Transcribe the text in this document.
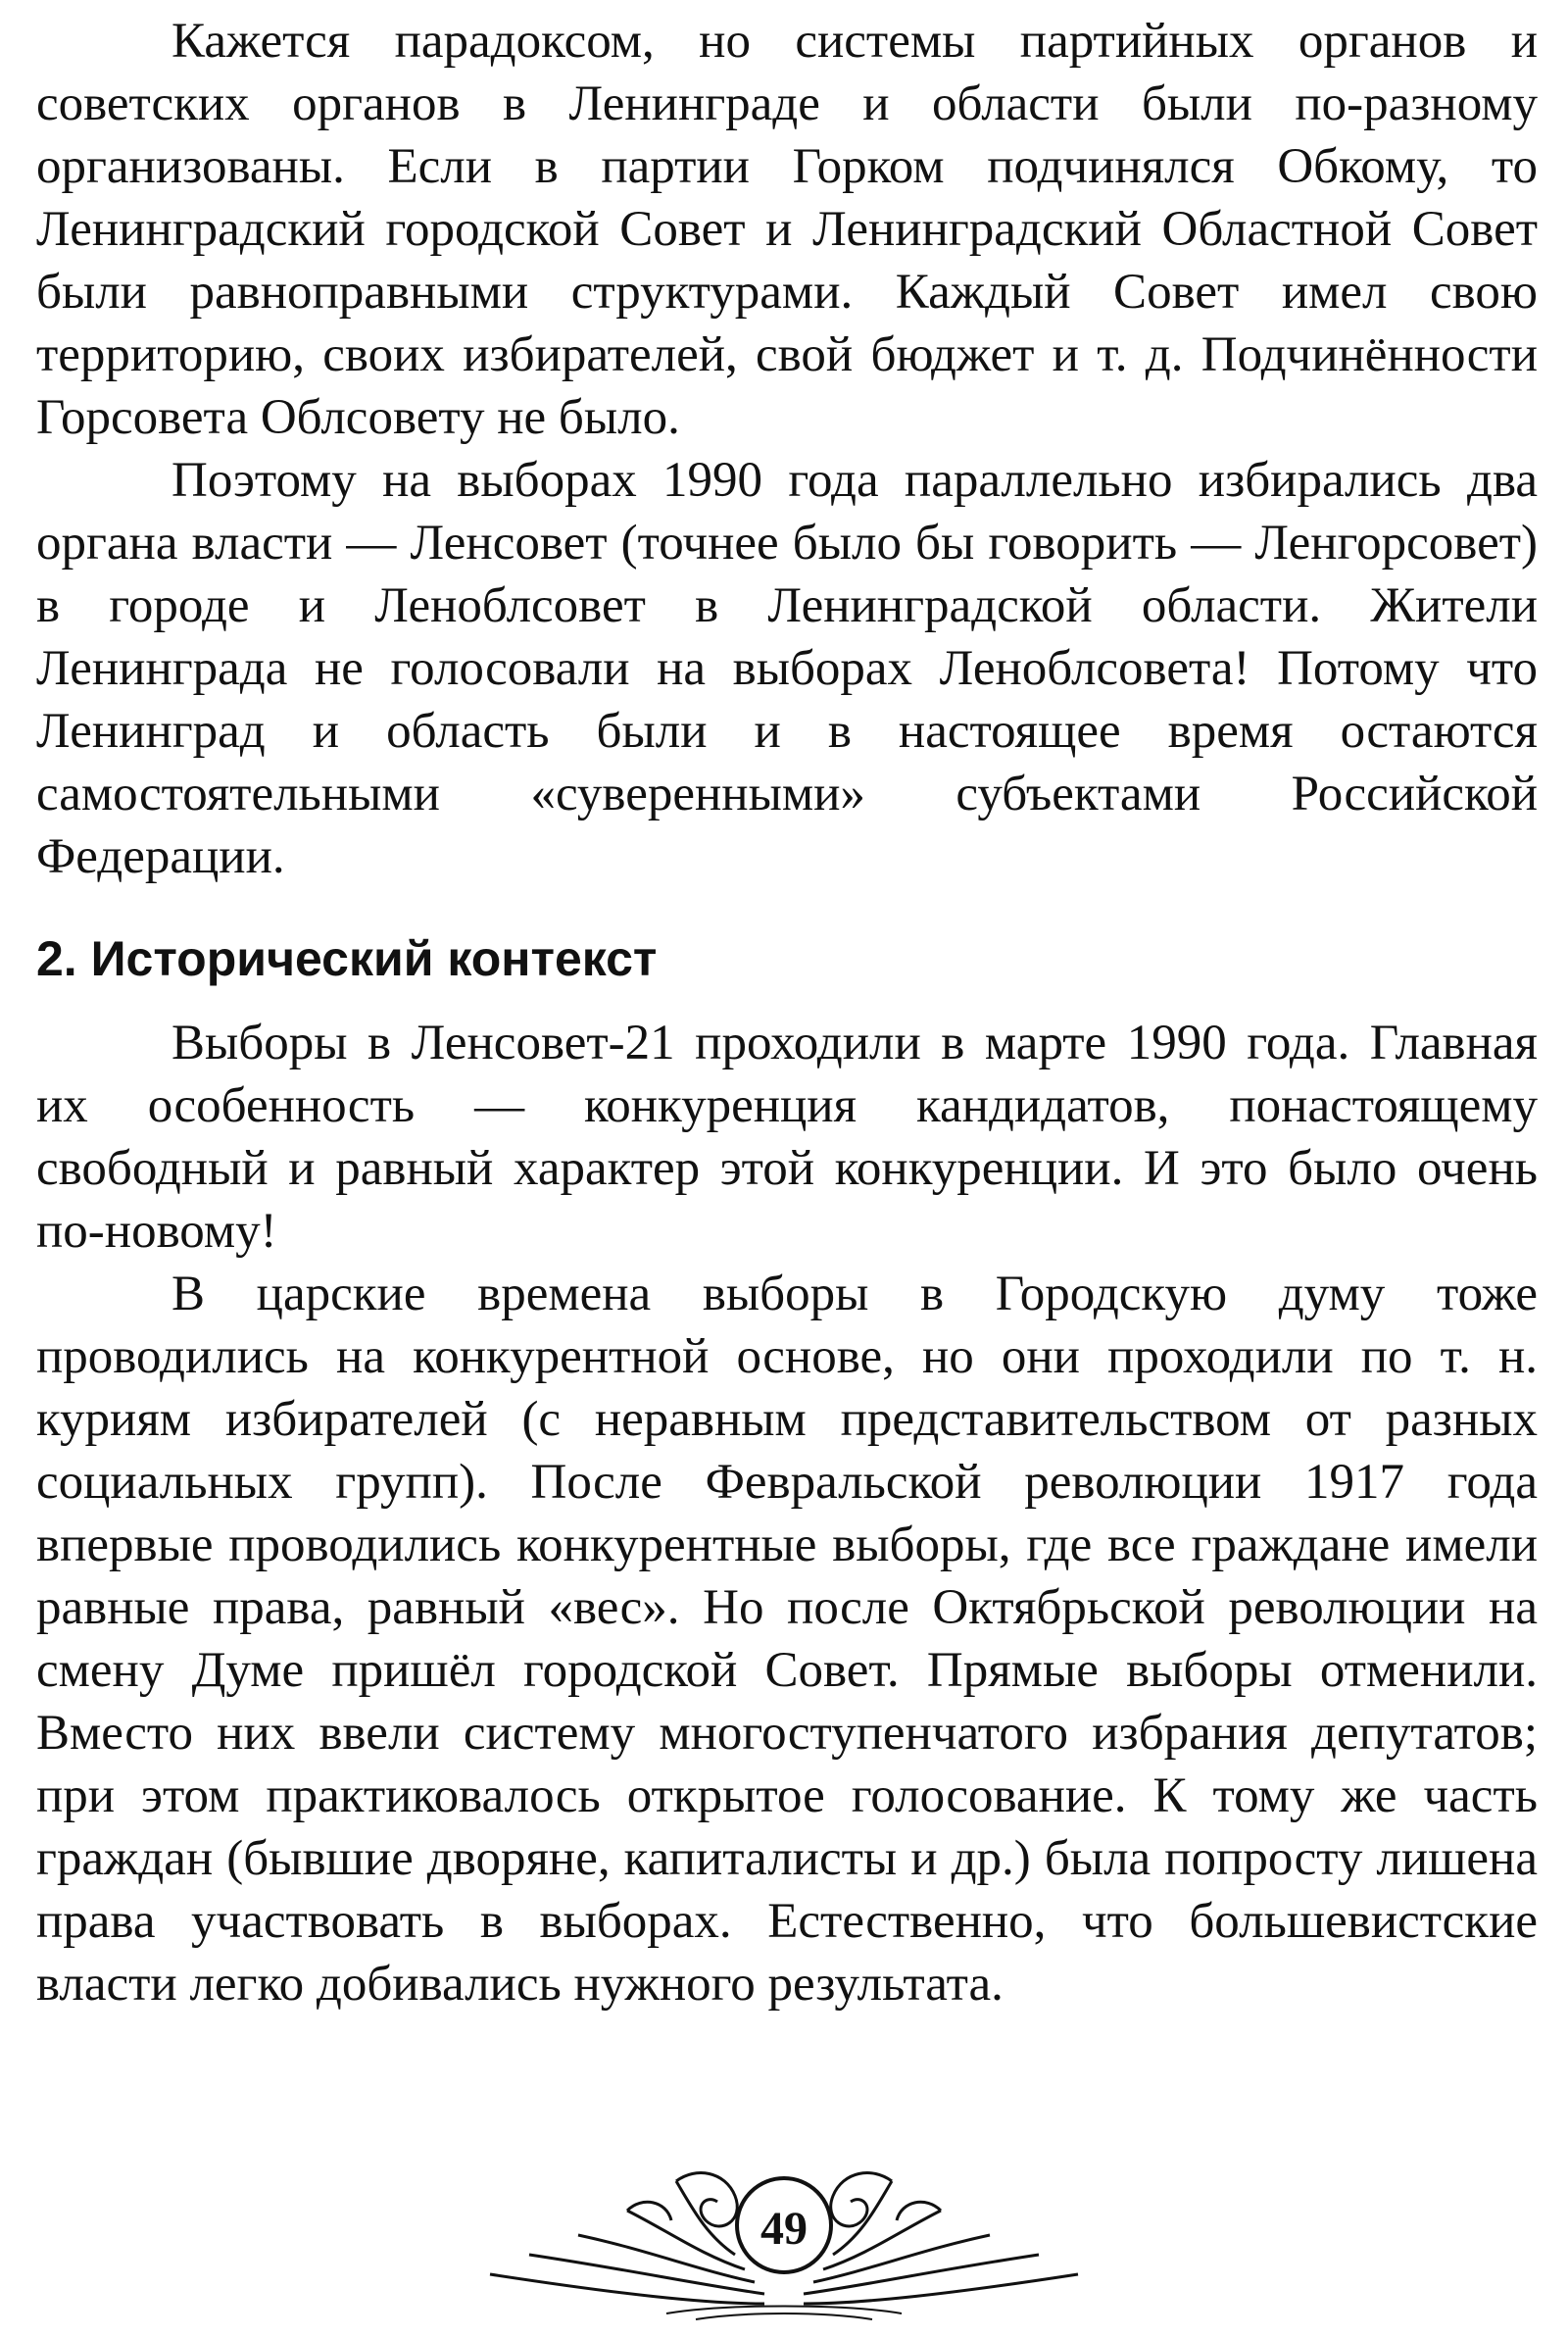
Кажется парадоксом, но системы партийных органов и советских органов в Ленинграде и области были по-разному организованы. Если в партии Горком подчинялся Обкому, то Ленинградский городской Совет и Ленинградский Областной Совет были равноправными структурами. Каждый Совет имел свою территорию, своих избирателей, свой бюджет и т. д. Подчинённости Горсовета Облсовету не было.

Поэтому на выборах 1990 года параллельно избирались два органа власти — Ленсовет (точнее было бы говорить — Ленгорсовет) в городе и Леноблсовет в Ленинградской области. Жители Ленинграда не голосовали на выборах Леноблсовета! Потому что Ленинград и область были и в настоящее время остаются самостоятельными «суверенными» субъектами Российской Федерации.

2. Исторический контекст

Выборы в Ленсовет-21 проходили в марте 1990 года. Главная их особенность — конкуренция кандидатов, понастоящему свободный и равный характер этой конкуренции. И это было очень по-новому!

В царские времена выборы в Городскую думу тоже проводились на конкурентной основе, но они проходили по т. н. куриям избирателей (с неравным представительством от разных социальных групп). После Февральской революции 1917 года впервые проводились конкурентные выборы, где все граждане имели равные права, равный «вес». Но после Октябрьской революции на смену Думе пришёл городской Совет. Прямые выборы отменили. Вместо них ввели систему многоступенчатого избрания депутатов; при этом практиковалось открытое голосование. К тому же часть граждан (бывшие дворяне, капиталисты и др.) была попросту лишена права участвовать в выборах. Естественно, что большевистские власти легко добивались нужного результата.

49
